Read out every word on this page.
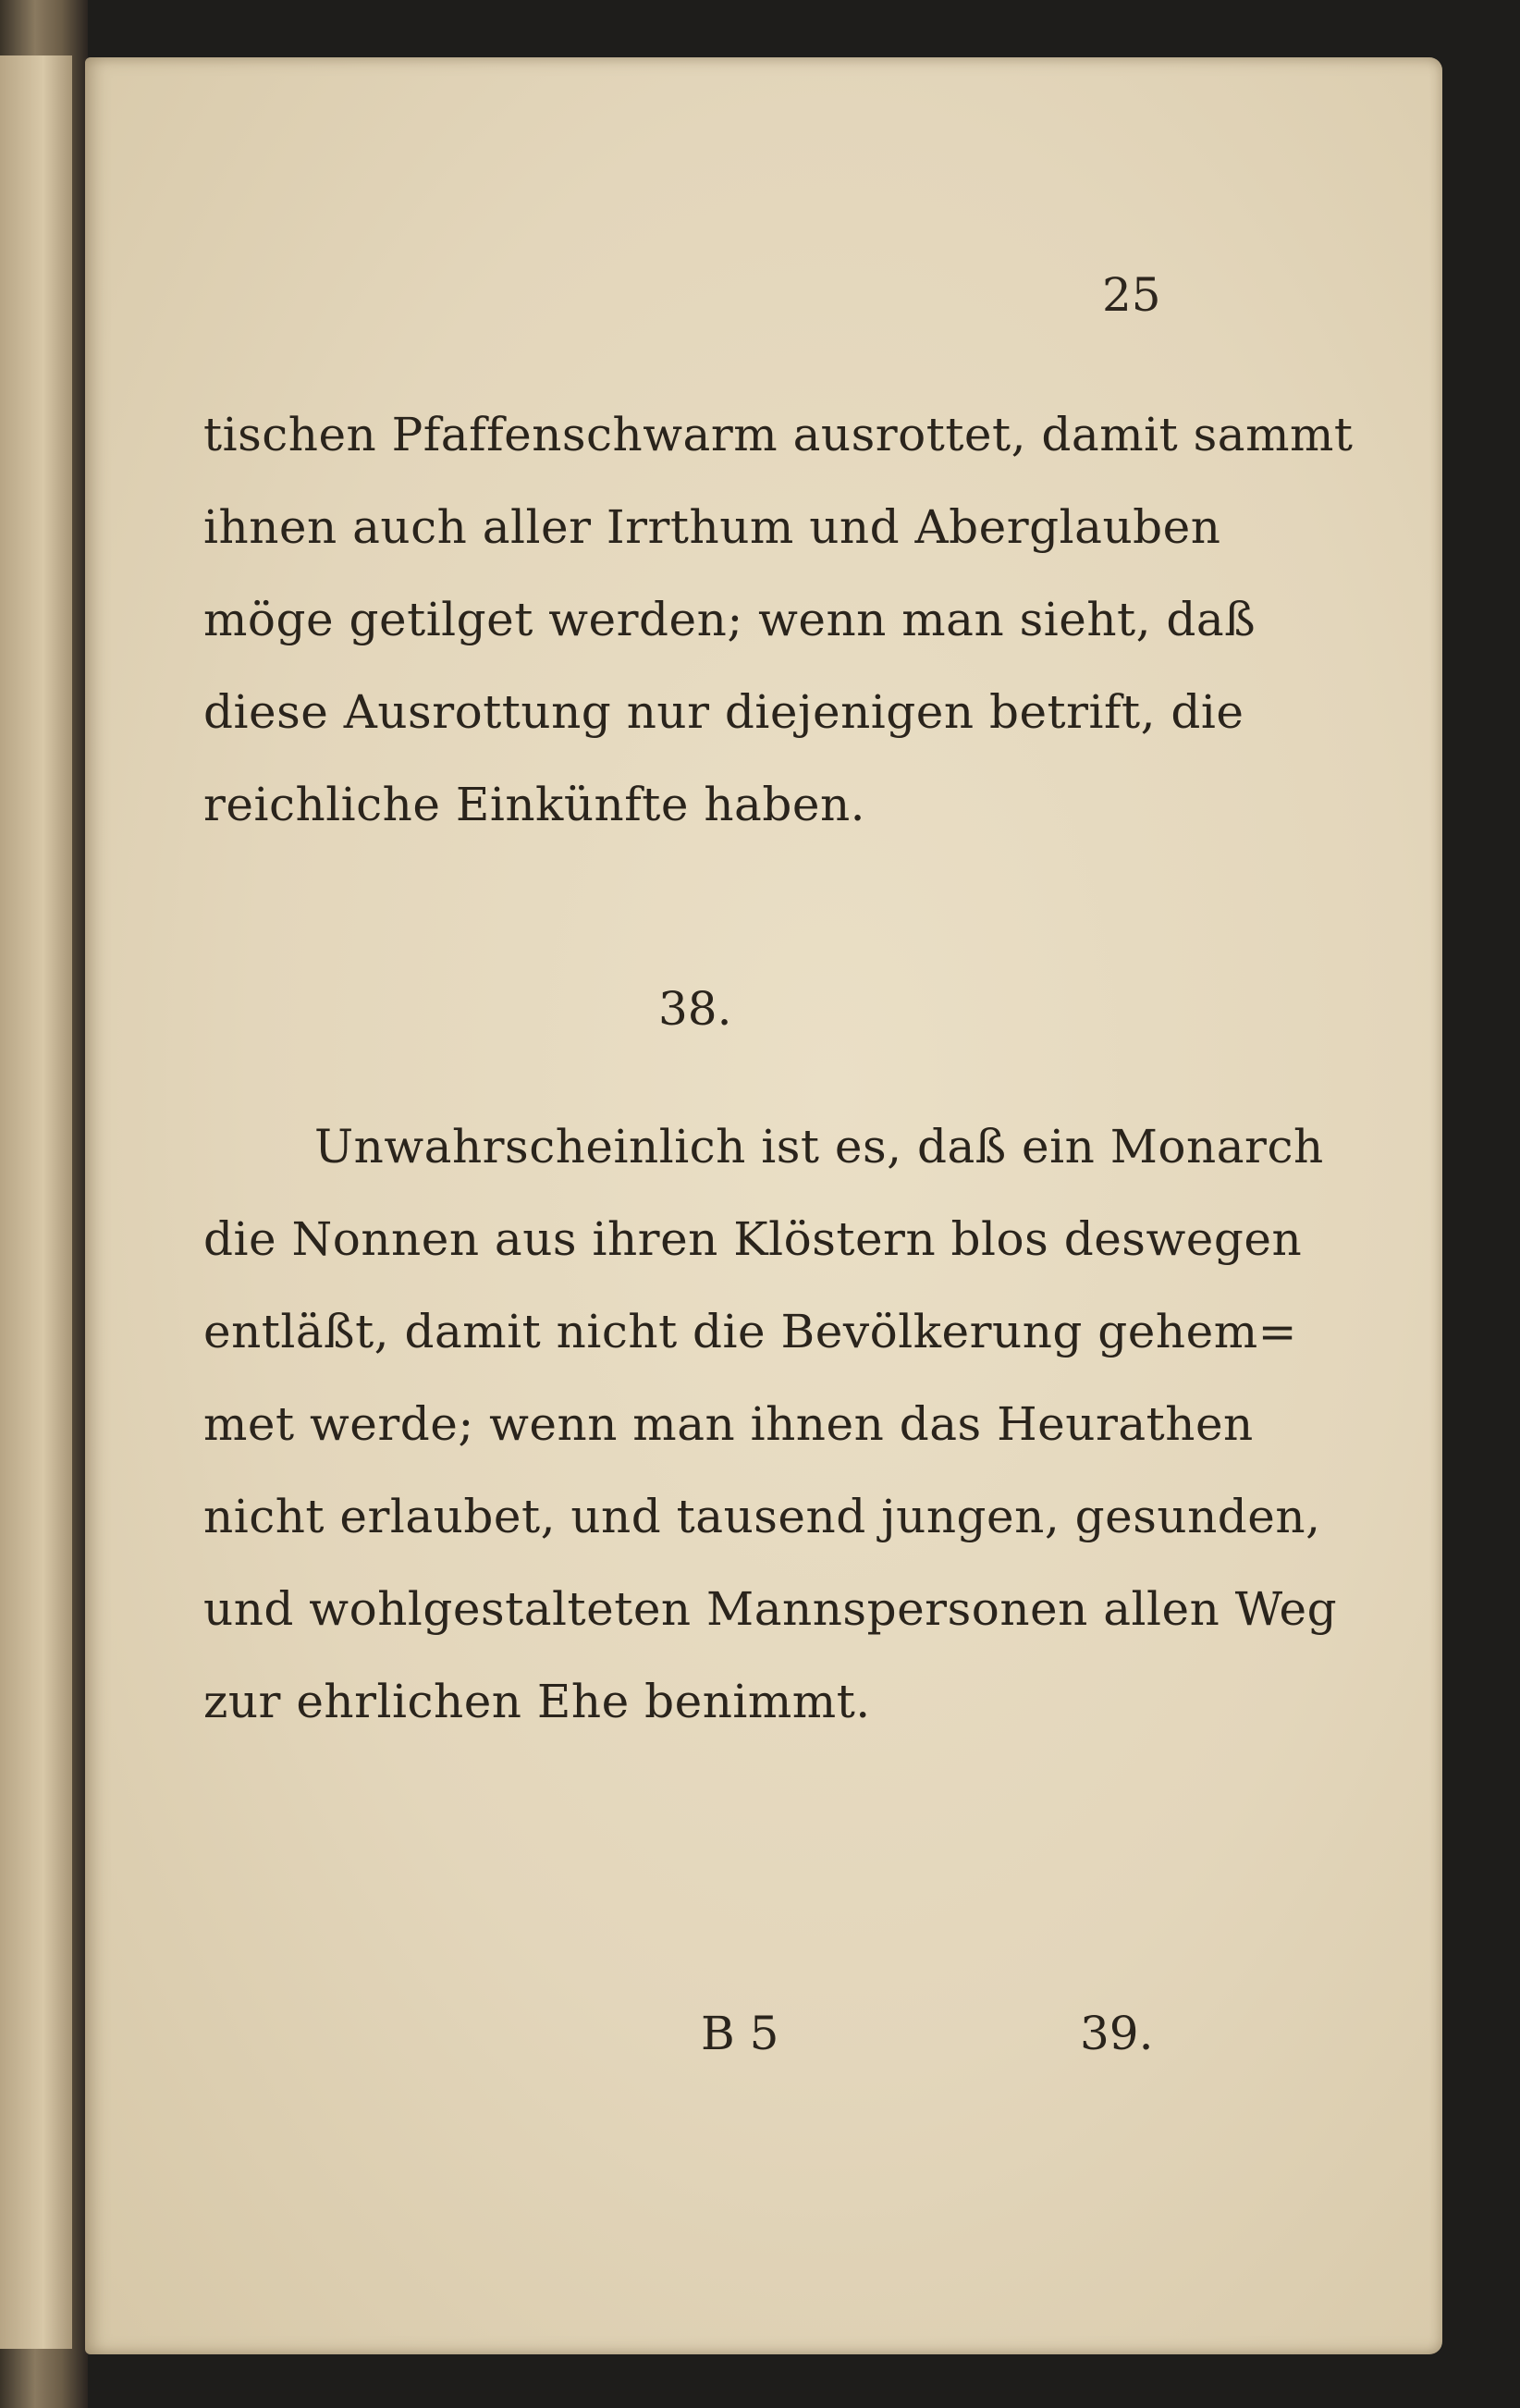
25
tischen Pfaffenschwarm ausrottet, damit sammt
ihnen auch aller Irrthum und Aberglauben
möge getilget werden; wenn man sieht, daß
diese Ausrottung nur diejenigen betrift, die
reichliche Einkünfte haben.
38.
Unwahrscheinlich ist es, daß ein Monarch
die Nonnen aus ihren Klöstern blos deswegen
entläßt, damit nicht die Bevölkerung gehem=
met werde; wenn man ihnen das Heurathen
nicht erlaubet, und tausend jungen, gesunden,
und wohlgestalteten Mannspersonen allen Weg
zur ehrlichen Ehe benimmt.
B 5	39.
